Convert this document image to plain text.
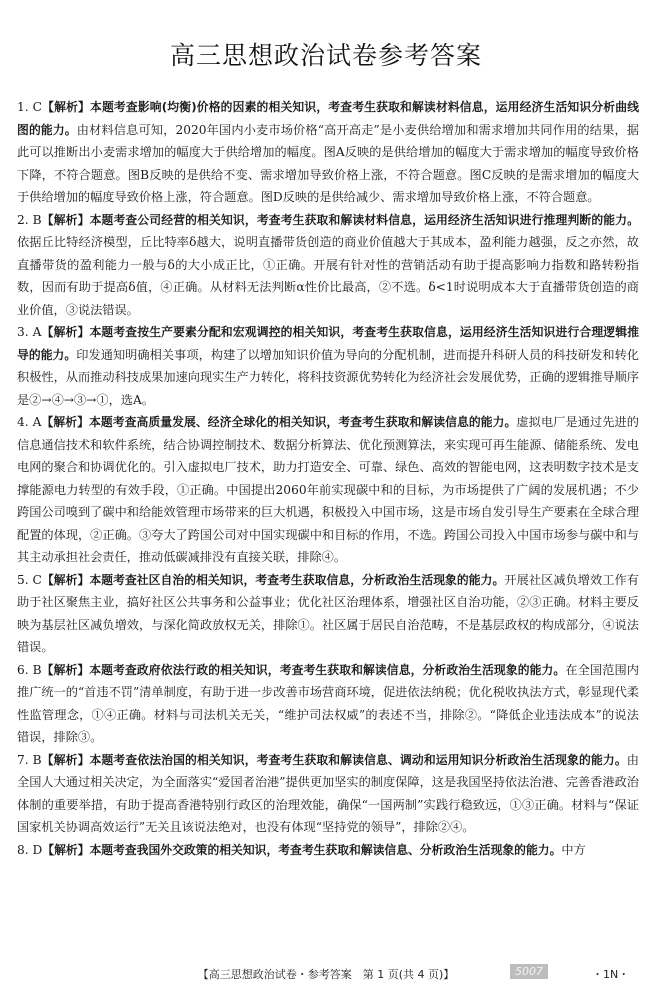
高三思想政治试卷参考答案
1. C【解析】本题考查影响(均衡)价格的因素的相关知识，考查考生获取和解读材料信息，运用经济生活知识分析曲线图的能力。由材料信息可知，2020年国内小麦市场价格“高开高走”是小麦供给增加和需求增加共同作用的结果，据此可以推断出小麦需求增加的幅度大于供给增加的幅度。图A反映的是供给增加的幅度大于需求增加的幅度导致价格下降，不符合题意。图B反映的是供给不变、需求增加导致价格上涨，不符合题意。图C反映的是需求增加的幅度大于供给增加的幅度导致价格上涨，符合题意。图D反映的是供给减少、需求增加导致价格上涨，不符合题意。
2. B【解析】本题考查公司经营的相关知识，考查考生获取和解读材料信息，运用经济生活知识进行推理判断的能力。依据丘比特经济模型，丘比特率δ越大，说明直播带货创造的商业价值越大于其成本，盈利能力越强，反之亦然，故直播带货的盈利能力一般与δ的大小成正比，①正确。开展有针对性的营销活动有助于提高影响力指数和路转粉指数，因而有助于提高δ值，④正确。从材料无法判断α性价比最高，②不选。δ<1时说明成本大于直播带货创造的商业价值，③说法错误。
3. A【解析】本题考查按生产要素分配和宏观调控的相关知识，考查考生获取信息，运用经济生活知识进行合理逻辑推导的能力。印发通知明确相关事项，构建了以增加知识价值为导向的分配机制，进而提升科研人员的科技研发和转化积极性，从而推动科技成果加速向现实生产力转化，将科技资源优势转化为经济社会发展优势，正确的逻辑推导顺序是②→④→③→①，选A。
4. A【解析】本题考查高质量发展、经济全球化的相关知识，考查考生获取和解读信息的能力。虚拟电厂是通过先进的信息通信技术和软件系统，结合协调控制技术、数据分析算法、优化预测算法，来实现可再生能源、储能系统、发电电网的聚合和协调优化的。引入虚拟电厂技术，助力打造安全、可靠、绿色、高效的智能电网，这表明数字技术是支撑能源电力转型的有效手段，①正确。中国提出2060年前实现碳中和的目标，为市场提供了广阔的发展机遇；不少跨国公司嗅到了碳中和给能效管理市场带来的巨大机遇，积极投入中国市场，这是市场自发引导生产要素在全球合理配置的体现，②正确。③夸大了跨国公司对中国实现碳中和目标的作用，不选。跨国公司投入中国市场参与碳中和与其主动承担社会责任，推动低碳减排没有直接关联，排除④。
5. C【解析】本题考查社区自治的相关知识，考查考生获取信息，分析政治生活现象的能力。开展社区减负增效工作有助于社区聚焦主业，搞好社区公共事务和公益事业；优化社区治理体系，增强社区自治功能，②③正确。材料主要反映为基层社区减负增效，与深化简政放权无关，排除①。社区属于居民自治范畴，不是基层政权的构成部分，④说法错误。
6. B【解析】本题考查政府依法行政的相关知识，考查考生获取和解读信息，分析政治生活现象的能力。在全国范围内推广统一的“首违不罚”清单制度，有助于进一步改善市场营商环境，促进依法纳税；优化税收执法方式，彰显现代柔性监管理念，①④正确。材料与司法机关无关，“维护司法权威”的表述不当，排除②。“降低企业违法成本”的说法错误，排除③。
7. B【解析】本题考查依法治国的相关知识，考查考生获取和解读信息、调动和运用知识分析政治生活现象的能力。由全国人大通过相关决定，为全面落实“爱国者治港”提供更加坚实的制度保障，这是我国坚持依法治港、完善香港政治体制的重要举措，有助于提高香港特别行政区的治理效能，确保“一国两制”实践行稳致远，①③正确。材料与“保证国家机关协调高效运行”无关且该说法绝对，也没有体现“坚持党的领导”，排除②④。
8. D【解析】本题考查我国外交政策的相关知识，考查考生获取和解读信息、分析政治生活现象的能力。中方
【高三思想政治试卷・参考答案　第 1 页(共 4 页)】	5007	・1N・
